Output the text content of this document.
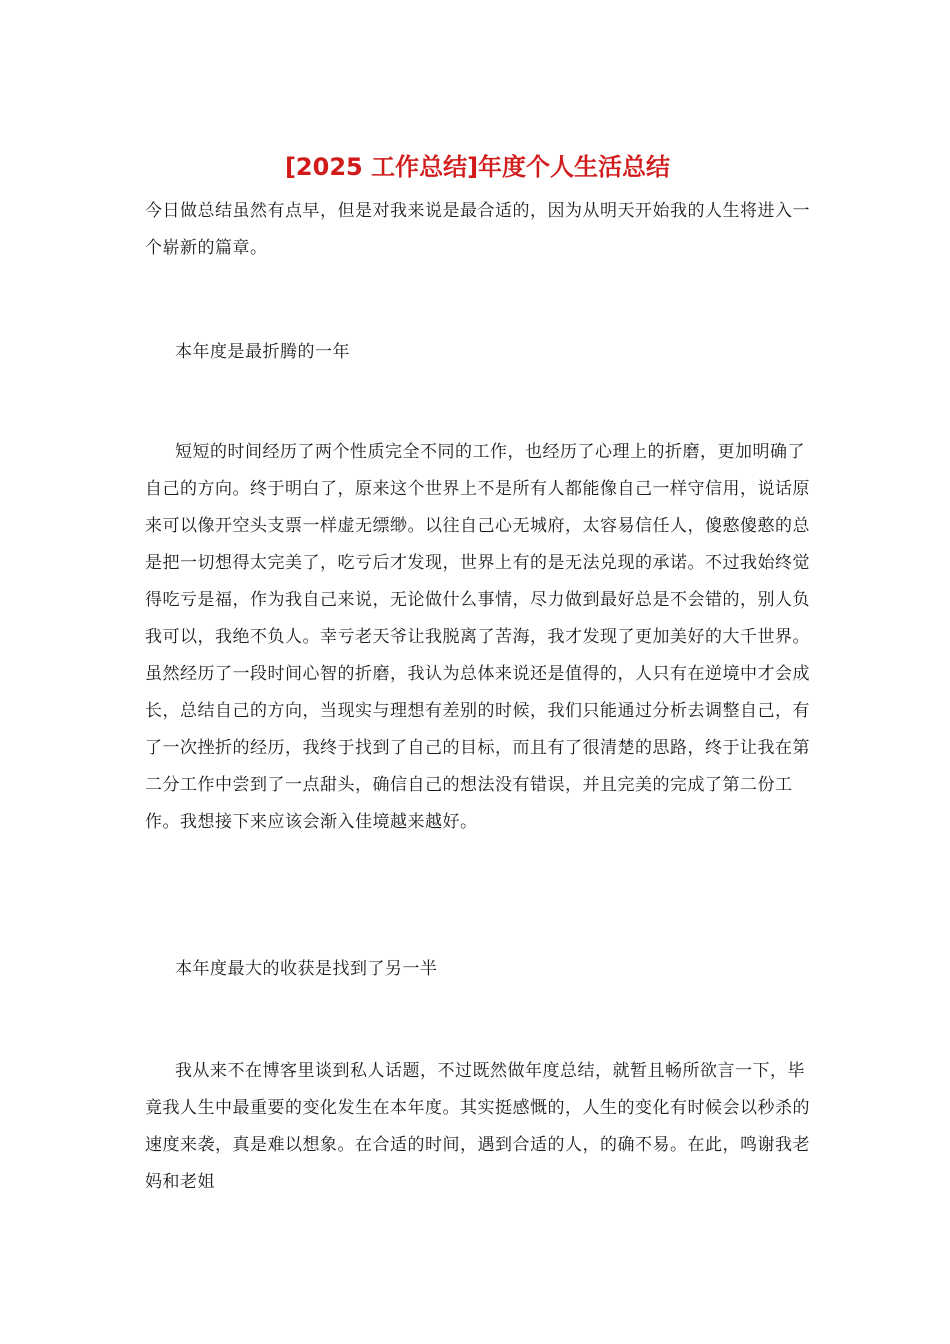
[2025 工作总结]年度个人生活总结

今日做总结虽然有点早，但是对我来说是最合适的，因为从明天开始我的人生将进入一个崭新的篇章。

本年度是最折腾的一年

短短的时间经历了两个性质完全不同的工作，也经历了心理上的折磨，更加明确了自己的方向。终于明白了，原来这个世界上不是所有人都能像自己一样守信用，说话原来可以像开空头支票一样虚无缥缈。以往自己心无城府，太容易信任人，傻憨傻憨的总是把一切想得太完美了，吃亏后才发现，世界上有的是无法兑现的承诺。不过我始终觉得吃亏是福，作为我自己来说，无论做什么事情，尽力做到最好总是不会错的，别人负我可以，我绝不负人。幸亏老天爷让我脱离了苦海，我才发现了更加美好的大千世界。虽然经历了一段时间心智的折磨，我认为总体来说还是值得的，人只有在逆境中才会成长，总结自己的方向，当现实与理想有差别的时候，我们只能通过分析去调整自己，有了一次挫折的经历，我终于找到了自己的目标，而且有了很清楚的思路，终于让我在第二分工作中尝到了一点甜头，确信自己的想法没有错误，并且完美的完成了第二份工作。我想接下来应该会渐入佳境越来越好。

本年度最大的收获是找到了另一半

我从来不在博客里谈到私人话题，不过既然做年度总结，就暂且畅所欲言一下，毕竟我人生中最重要的变化发生在本年度。其实挺感慨的，人生的变化有时候会以秒杀的速度来袭，真是难以想象。在合适的时间，遇到合适的人，的确不易。在此，鸣谢我老妈和老姐
